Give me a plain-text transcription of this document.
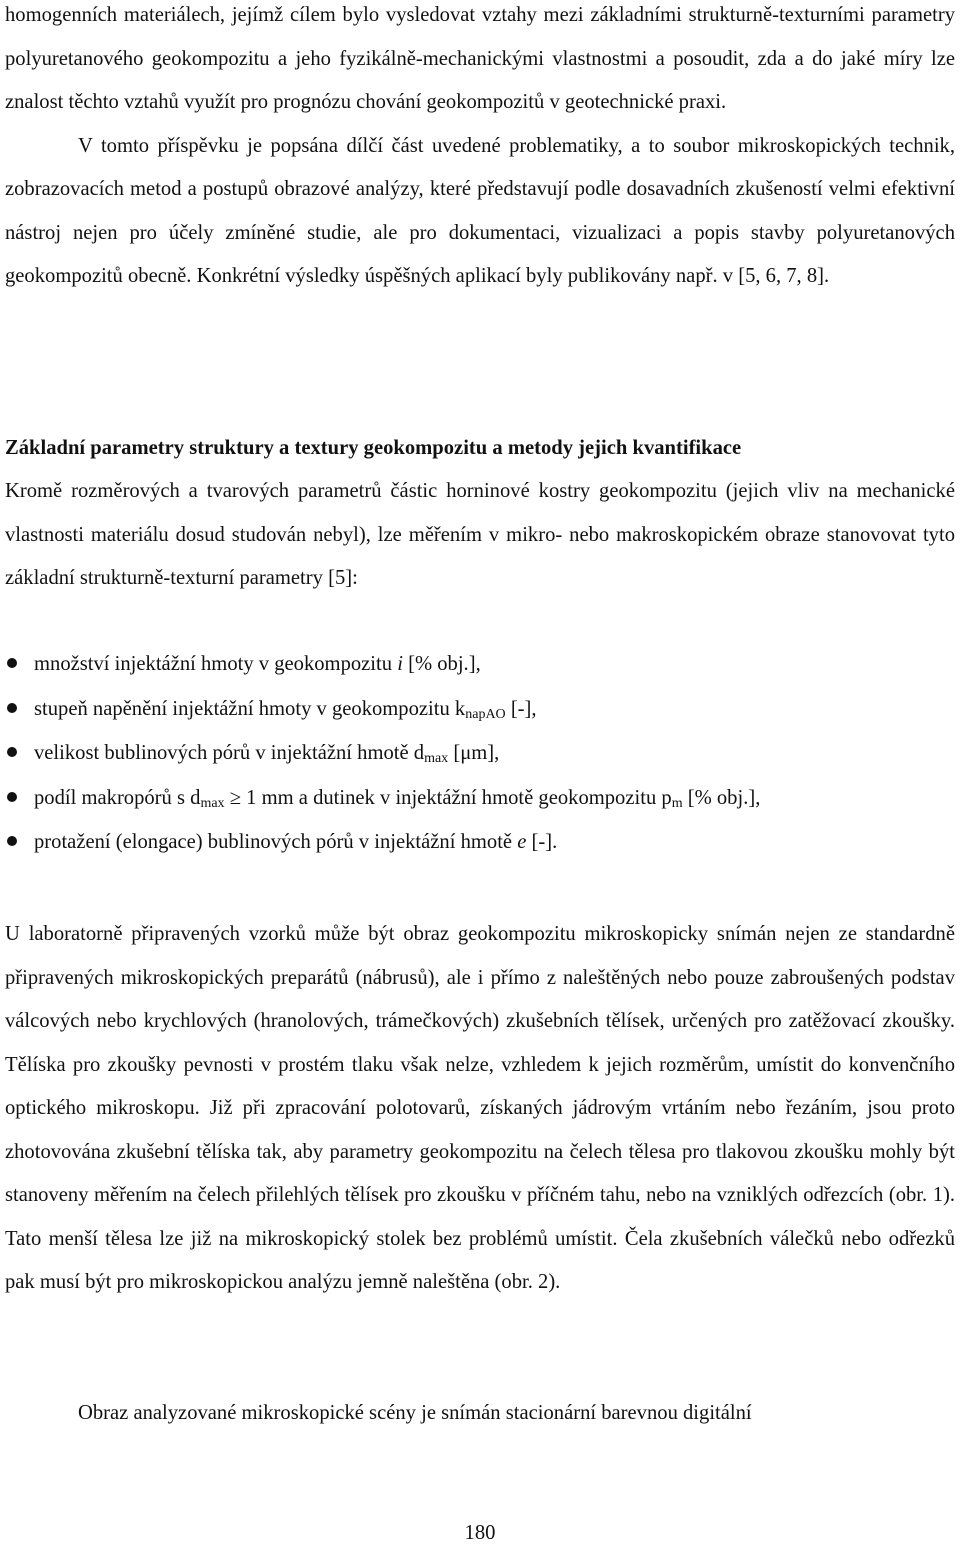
homogenních materiálech, jejímž cílem bylo vysledovat vztahy mezi základními strukturně-texturními parametry polyuretanového geokompozitu a jeho fyzikálně-mechanickými vlastnostmi a posoudit, zda a do jaké míry lze znalost těchto vztahů využít pro prognózu chování geokompozitů v geotechnické praxi.

V tomto příspěvku je popsána dílčí část uvedené problematiky, a to soubor mikroskopických technik, zobrazovacích metod a postupů obrazové analýzy, které představují podle dosavadních zkušeností velmi efektivní nástroj nejen pro účely zmíněné studie, ale pro dokumentaci, vizualizaci a popis stavby polyuretanových geokompozitů obecně. Konkrétní výsledky úspěšných aplikací byly publikovány např. v [5, 6, 7, 8].

Základní parametry struktury a textury geokompozitu a metody jejich kvantifikace

Kromě rozměrových a tvarových parametrů částic horninové kostry geokompozitu (jejich vliv na mechanické vlastnosti materiálu dosud studován nebyl), lze měřením v mikro- nebo makroskopickém obraze stanovovat tyto základní strukturně-texturní parametry [5]:

množství injektážní hmoty v geokompozitu i [% obj.],
stupeň napěnění injektážní hmoty v geokompozitu $k_{napAO}$ [-],
velikost bublinových pórů v injektážní hmotě $d_{max}$ [μm],
podíl makropórů s $d_{max} \ge 1$ mm a dutinek v injektážní hmotě geokompozitu $p_m$ [% obj.],
protažení (elongace) bublinových pórů v injektážní hmotě e [-].

U laboratorně připravených vzorků může být obraz geokompozitu mikroskopicky snímán nejen ze standardně připravených mikroskopických preparátů (nábrusů), ale i přímo z naleštěných nebo pouze zabroušených podstav válcových nebo krychlových (hranolových, trámečkových) zkušebních tělísek, určených pro zatěžovací zkoušky. Tělíska pro zkoušky pevnosti v prostém tlaku však nelze, vzhledem k jejich rozměrům, umístit do konvenčního optického mikroskopu. Již při zpracování polotovarů, získaných jádrovým vrtáním nebo řezáním, jsou proto zhotovována zkušební tělíska tak, aby parametry geokompozitu na čelech tělesa pro tlakovou zkoušku mohly být stanoveny měřením na čelech přilehlých tělísek pro zkoušku v příčném tahu, nebo na vzniklých odřezcích (obr. 1). Tato menší tělesa lze již na mikroskopický stolek bez problémů umístit. Čela zkušebních válečků nebo odřezků pak musí být pro mikroskopickou analýzu jemně naleštěna (obr. 2).

Obraz analyzované mikroskopické scény je snímán stacionární barevnou digitální

180
